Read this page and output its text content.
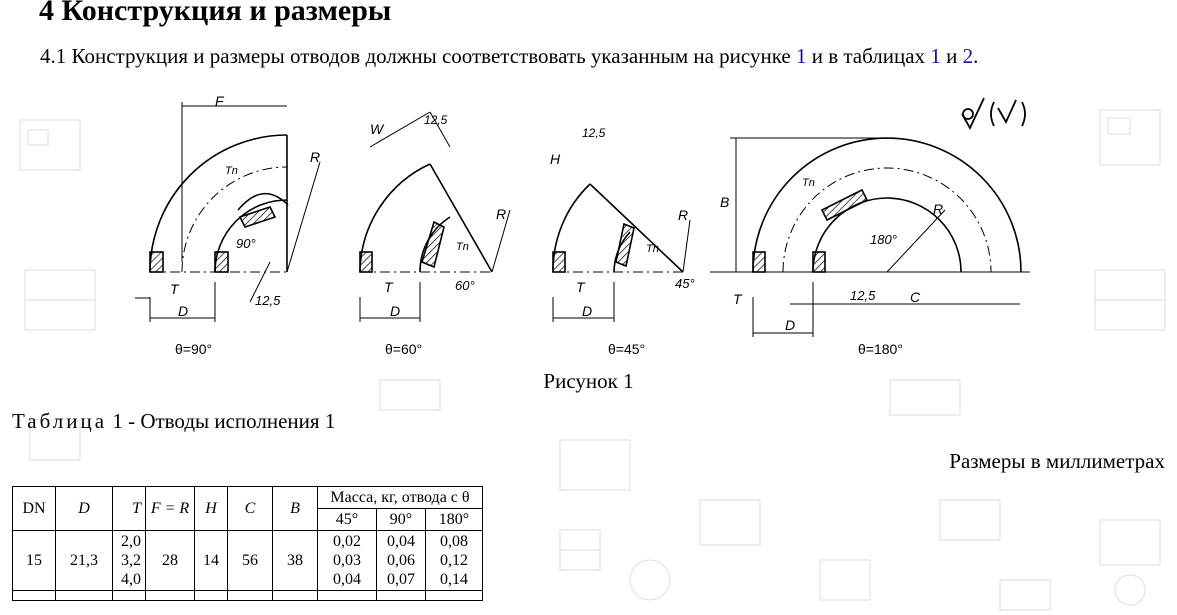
4 Конструкция и размеры
4.1 Конструкция и размеры отводов должны соответствовать указанным на рисунке 1 и в таблицах 1 и 2.
F
R
Tn
90°
12,5
T
D
θ=90°
W
12,5
R
Tn
60°
T
D
θ=60°
H
12,5
R
Tn
45°
T
D
θ=45°
B
Tn
R
180°
12,5 C
T
D
θ=180°
Рисунок 1
Таблица 1 - Отводы исполнения 1
Размеры в миллиметрах
DN	D	T	F = R	H	C	B	Масса, кг, отвода с θ		
							45°	90°	180°
15	21,3	2,0
3,2
4,0	28	14	56	38	0,02
0,03
0,04	0,04
0,06
0,07	0,08
0,12
0,14
